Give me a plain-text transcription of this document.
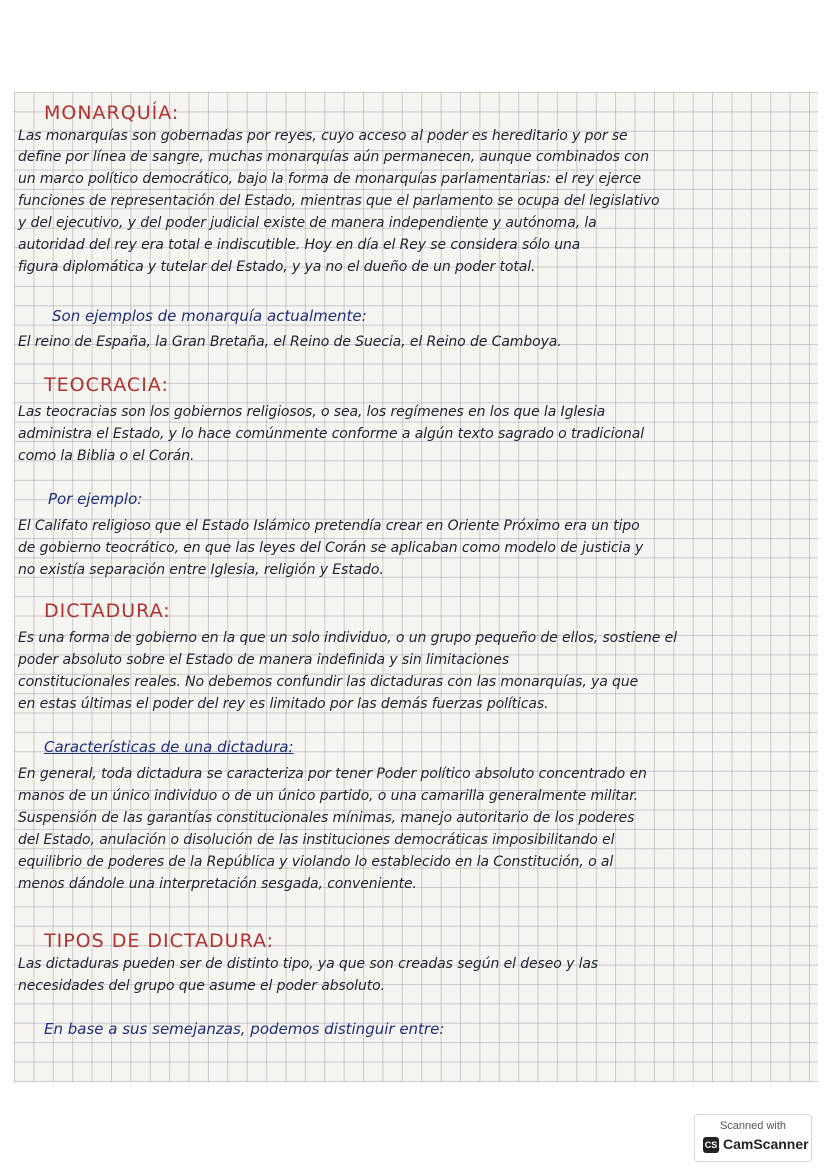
MONARQUÍA:
Las monarquías son gobernadas por reyes, cuyo acceso al poder es hereditario y por se
define por línea de sangre, muchas monarquías aún permanecen, aunque combinados con
un marco político democrático, bajo la forma de monarquías parlamentarias: el rey ejerce
funciones de representación del Estado, mientras que el parlamento se ocupa del legislativo
y del ejecutivo, y del poder judicial existe de manera independiente y autónoma, la
autoridad del rey era total e indiscutible. Hoy en día el Rey se considera sólo una
figura diplomática y tutelar del Estado, y ya no el dueño de un poder total.
Son ejemplos de monarquía actualmente:
El reino de España, la Gran Bretaña, el Reino de Suecia, el Reino de Camboya.
TEOCRACIA:
Las teocracias son los gobiernos religiosos, o sea, los regímenes en los que la Iglesia
administra el Estado, y lo hace comúnmente conforme a algún texto sagrado o tradicional
como la Biblia o el Corán.
Por ejemplo:
El Califato religioso que el Estado Islámico pretendía crear en Oriente Próximo era un tipo
de gobierno teocrático, en que las leyes del Corán se aplicaban como modelo de justicia y
no existía separación entre Iglesia, religión y Estado.
DICTADURA:
Es una forma de gobierno en la que un solo individuo, o un grupo pequeño de ellos, sostiene el
poder absoluto sobre el Estado de manera indefinida y sin limitaciones
constitucionales reales. No debemos confundir las dictaduras con las monarquías, ya que
en estas últimas el poder del rey es limitado por las demás fuerzas políticas.
Características de una dictadura:
En general, toda dictadura se caracteriza por tener Poder político absoluto concentrado en
manos de un único individuo o de un único partido, o una camarilla generalmente militar.
Suspensión de las garantías constitucionales mínimas, manejo autoritario de los poderes
del Estado, anulación o disolución de las instituciones democráticas imposibilitando el
equilibrio de poderes de la República y violando lo establecido en la Constitución, o al
menos dándole una interpretación sesgada, conveniente.
TIPOS DE DICTADURA:
Las dictaduras pueden ser de distinto tipo, ya que son creadas según el deseo y las
necesidades del grupo que asume el poder absoluto.
En base a sus semejanzas, podemos distinguir entre:
Scanned with
CS CamScanner
